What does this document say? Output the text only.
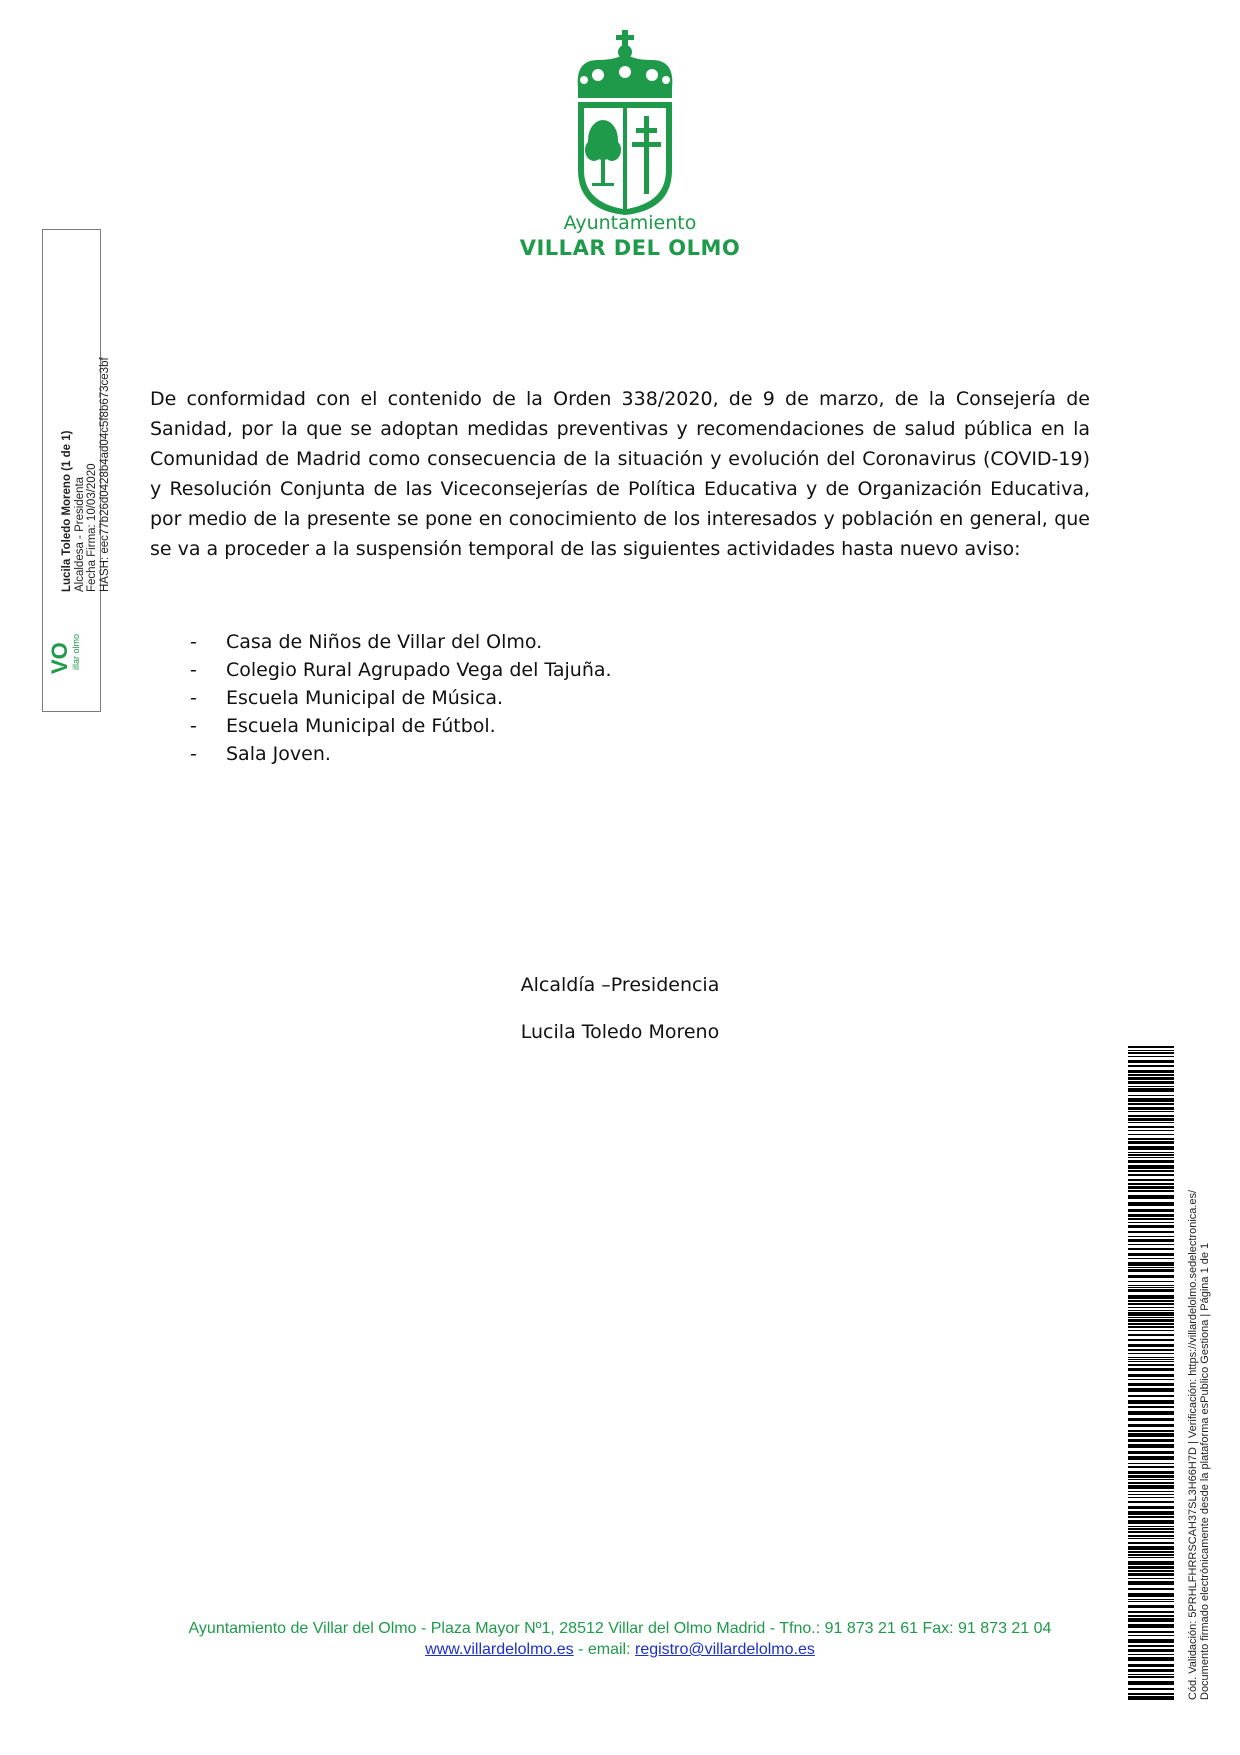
Ayuntamiento
VILLAR DEL OLMO
Lucila Toledo Moreno (1 de 1) Alcaldesa - Presidenta Fecha Firma: 10/03/2020 HASH: eec77b26d0428b4ad04c5f8b673ce3bf
VO illar olmo
De conformidad con el contenido de la Orden 338/2020, de 9 de marzo, de la Consejería de Sanidad, por la que se adoptan medidas preventivas y recomendaciones de salud pública en la Comunidad de Madrid como consecuencia de la situación y evolución del Coronavirus (COVID-19) y Resolución Conjunta de las Viceconsejerías de Política Educativa y de Organización Educativa, por medio de la presente se pone en conocimiento de los interesados y población en general, que se va a proceder a la suspensión temporal de las siguientes actividades hasta nuevo aviso:
-	Casa de Niños de Villar del Olmo.
-	Colegio Rural Agrupado Vega del Tajuña.
-	Escuela Municipal de Música.
-	Escuela Municipal de Fútbol.
-	Sala Joven.
Alcaldía –Presidencia
Lucila Toledo Moreno
Ayuntamiento de Villar del Olmo - Plaza Mayor Nº1, 28512 Villar del Olmo Madrid - Tfno.: 91 873 21 61 Fax: 91 873 21 04
www.villardelolmo.es - email: registro@villardelolmo.es	Cód. Validación: 5PRHLFHRRSCAH37SL3H66H7D | Verificación: https://villardelolmo.sedelectronica.es/ Documento firmado electrónicamente desde la plataforma esPublico Gestiona | Página 1 de 1
